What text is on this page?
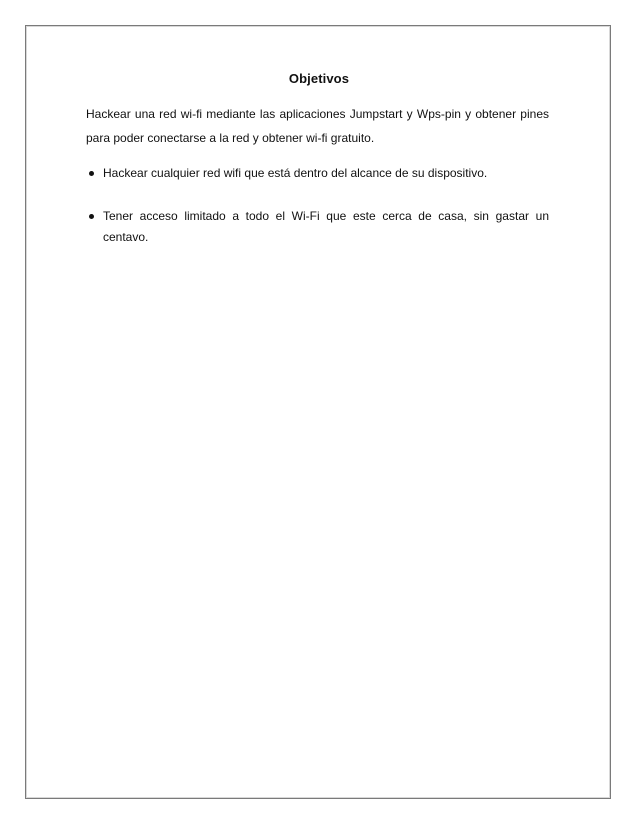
Objetivos
Hackear una red wi-fi mediante las aplicaciones Jumpstart y Wps-pin y obtener pines para poder conectarse a la red y obtener wi-fi gratuito.
Hackear cualquier red wifi que está dentro del alcance de su dispositivo.
Tener acceso limitado a todo el Wi-Fi que este cerca de casa, sin gastar un centavo.
